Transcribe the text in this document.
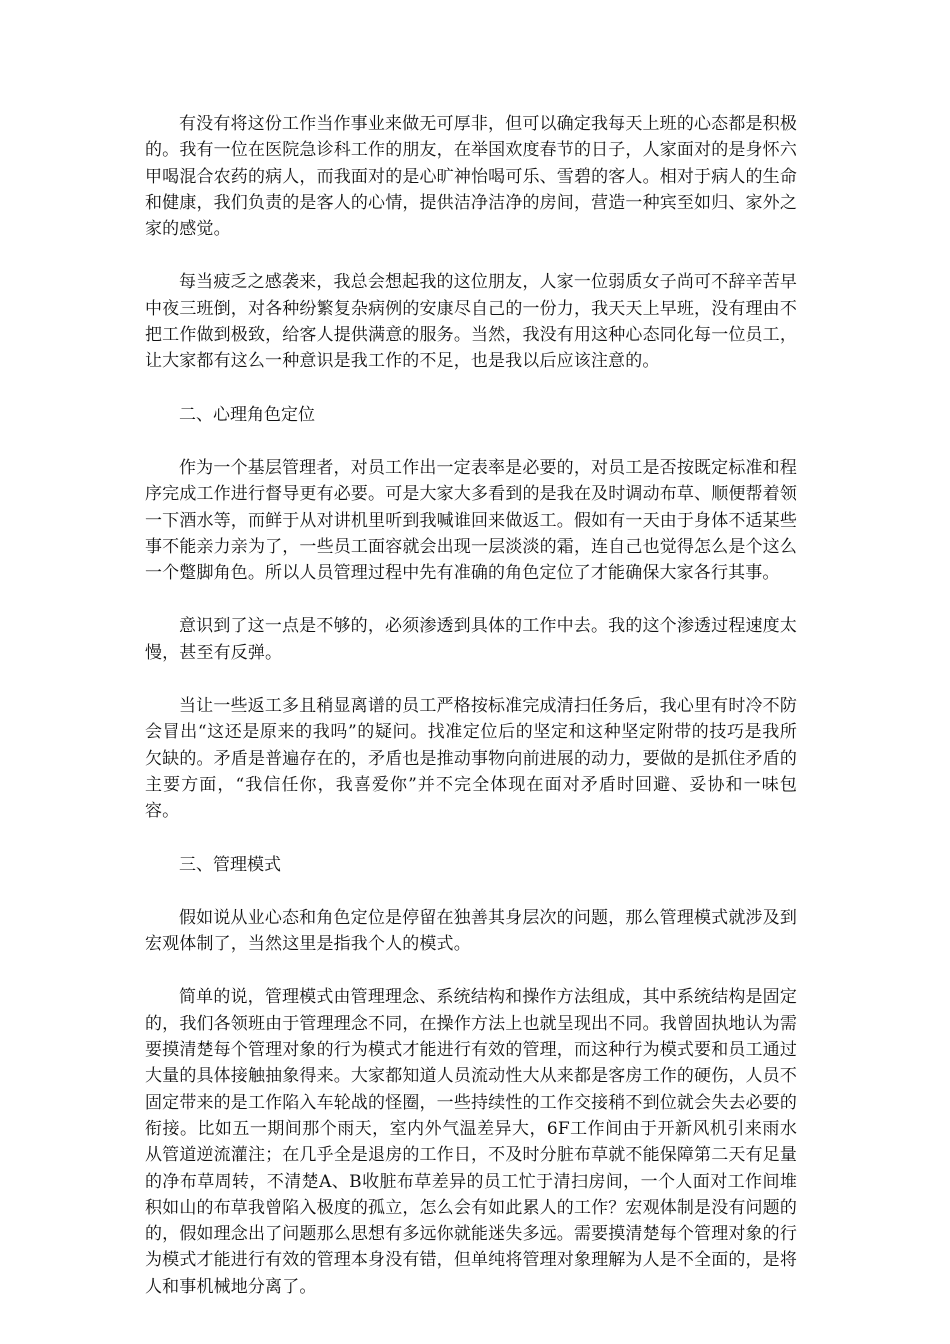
有没有将这份工作当作事业来做无可厚非，但可以确定我每天上班的心态都是积极的。我有一位在医院急诊科工作的朋友，在举国欢度春节的日子，人家面对的是身怀六甲喝混合农药的病人，而我面对的是心旷神怡喝可乐、雪碧的客人。相对于病人的生命和健康，我们负责的是客人的心情，提供洁净洁净的房间，营造一种宾至如归、家外之家的感觉。

每当疲乏之感袭来，我总会想起我的这位朋友，人家一位弱质女子尚可不辞辛苦早中夜三班倒，对各种纷繁复杂病例的安康尽自己的一份力，我天天上早班，没有理由不把工作做到极致，给客人提供满意的服务。当然，我没有用这种心态同化每一位员工，让大家都有这么一种意识是我工作的不足，也是我以后应该注意的。

二、心理角色定位

作为一个基层管理者，对员工作出一定表率是必要的，对员工是否按既定标准和程序完成工作进行督导更有必要。可是大家大多看到的是我在及时调动布草、顺便帮着领一下酒水等，而鲜于从对讲机里听到我喊谁回来做返工。假如有一天由于身体不适某些事不能亲力亲为了，一些员工面容就会出现一层淡淡的霜，连自己也觉得怎么是个这么一个蹩脚角色。所以人员管理过程中先有准确的角色定位了才能确保大家各行其事。

意识到了这一点是不够的，必须渗透到具体的工作中去。我的这个渗透过程速度太慢，甚至有反弹。

当让一些返工多且稍显离谱的员工严格按标准完成清扫任务后，我心里有时冷不防会冒出“这还是原来的我吗”的疑问。找准定位后的坚定和这种坚定附带的技巧是我所欠缺的。矛盾是普遍存在的，矛盾也是推动事物向前进展的动力，要做的是抓住矛盾的主要方面，“我信任你，我喜爱你”并不完全体现在面对矛盾时回避、妥协和一味包容。

三、管理模式

假如说从业心态和角色定位是停留在独善其身层次的问题，那么管理模式就涉及到宏观体制了，当然这里是指我个人的模式。

简单的说，管理模式由管理理念、系统结构和操作方法组成，其中系统结构是固定的，我们各领班由于管理理念不同，在操作方法上也就呈现出不同。我曾固执地认为需要摸清楚每个管理对象的行为模式才能进行有效的管理，而这种行为模式要和员工通过大量的具体接触抽象得来。大家都知道人员流动性大从来都是客房工作的硬伤，人员不固定带来的是工作陷入车轮战的怪圈，一些持续性的工作交接稍不到位就会失去必要的衔接。比如五一期间那个雨天，室内外气温差异大，6F工作间由于开新风机引来雨水从管道逆流灌注；在几乎全是退房的工作日，不及时分脏布草就不能保障第二天有足量的净布草周转，不清楚A、B收脏布草差异的员工忙于清扫房间，一个人面对工作间堆积如山的布草我曾陷入极度的孤立，怎么会有如此累人的工作？宏观体制是没有问题的的，假如理念出了问题那么思想有多远你就能迷失多远。需要摸清楚每个管理对象的行为模式才能进行有效的管理本身没有错，但单纯将管理对象理解为人是不全面的，是将人和事机械地分离了。
